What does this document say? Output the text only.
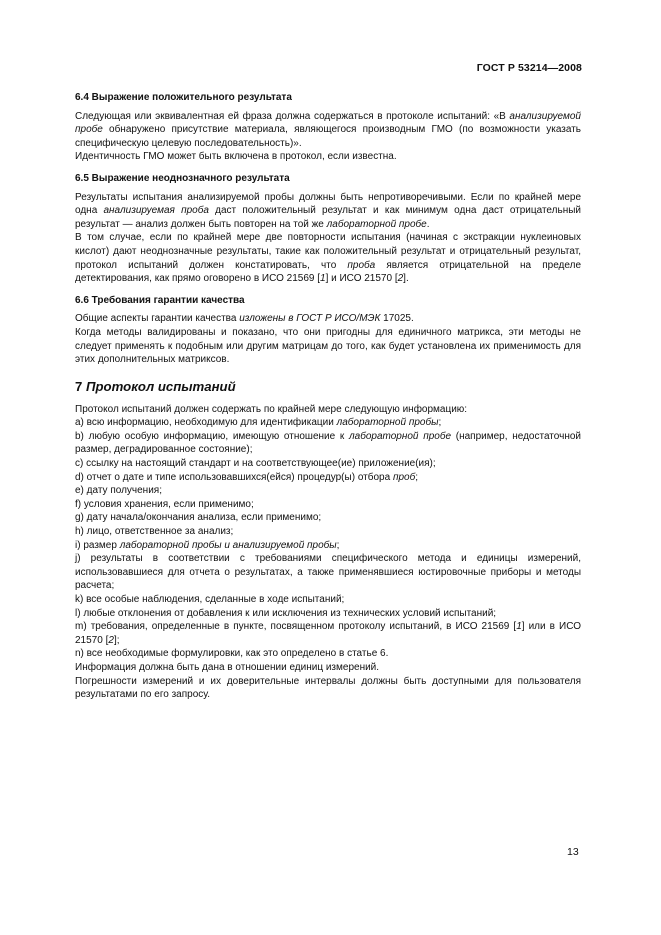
ГОСТ Р 53214—2008
6.4 Выражение положительного результата

Следующая или эквивалентная ей фраза должна содержаться в протоколе испытаний: «В анализируемой пробе обнаружено присутствие материала, являющегося производным ГМО (по возможности указать специфическую целевую последовательность)».

Идентичность ГМО может быть включена в протокол, если известна.

6.5 Выражение неоднозначного результата

Результаты испытания анализируемой пробы должны быть непротиворечивыми. Если по крайней мере одна анализируемая проба даст положительный результат и как минимум одна даст отрицательный результат — анализ должен быть повторен на той же лабораторной пробе.

В том случае, если по крайней мере две повторности испытания (начиная с экстракции нуклеиновых кислот) дают неоднозначные результаты, такие как положительный результат и отрицательный результат, протокол испытаний должен констатировать, что проба является отрицательной на пределе детектирования, как прямо оговорено в ИСО 21569 [1] и ИСО 21570 [2].

6.6 Требования гарантии качества

Общие аспекты гарантии качества изложены в ГОСТ Р ИСО/МЭК 17025.

Когда методы валидированы и показано, что они пригодны для единичного матрикса, эти методы не следует применять к подобным или другим матрицам до того, как будет установлена их применимость для этих дополнительных матриксов.

7 Протокол испытаний

Протокол испытаний должен содержать по крайней мере следующую информацию:

a) всю информацию, необходимую для идентификации лабораторной пробы;

b) любую особую информацию, имеющую отношение к лабораторной пробе (например, недостаточной размер, деградированное состояние);

c) ссылку на настоящий стандарт и на соответствующее(ие) приложение(ия);

d) отчет о дате и типе использовавшихся(ейся) процедур(ы) отбора проб;

e) дату получения;

f) условия хранения, если применимо;

g) дату начала/окончания анализа, если применимо;

h) лицо, ответственное за анализ;

i) размер лабораторной пробы и анализируемой пробы;

j) результаты в соответствии с требованиями специфического метода и единицы измерений, использовавшиеся для отчета о результатах, а также применявшиеся юстировочные приборы и методы расчета;

k) все особые наблюдения, сделанные в ходе испытаний;

l) любые отклонения от добавления к или исключения из технических условий испытаний;

m) требования, определенные в пункте, посвященном протоколу испытаний, в ИСО 21569 [1] или в ИСО 21570 [2];

n) все необходимые формулировки, как это определено в статье 6.

Информация должна быть дана в отношении единиц измерений.

Погрешности измерений и их доверительные интервалы должны быть доступными для пользователя результатами по его запросу.

13
